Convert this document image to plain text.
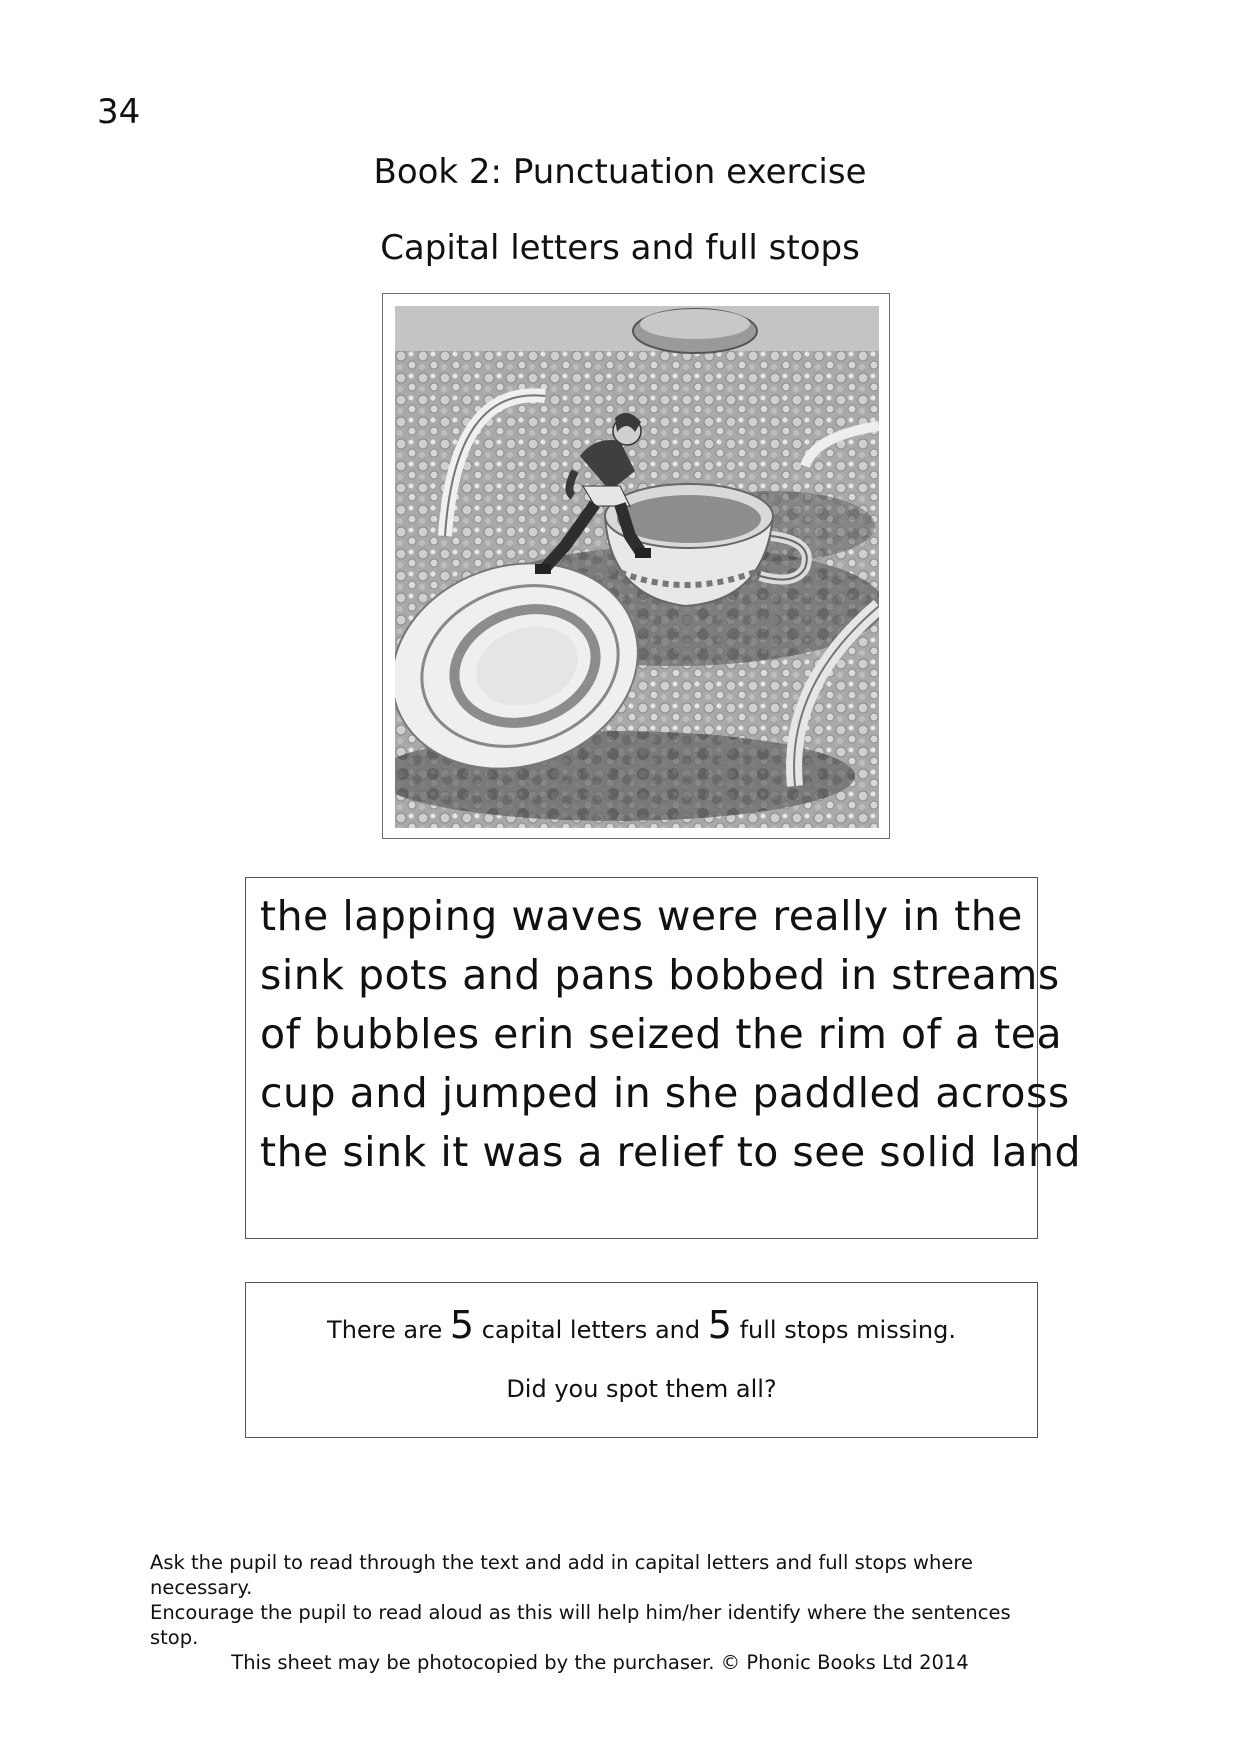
34
Book 2: Punctuation exercise
Capital letters and full stops
the lapping waves were really in the
sink pots and pans bobbed in streams
of bubbles erin seized the rim of a tea
cup and jumped in she paddled across
the sink it was a relief to see solid land
There are 5 capital letters and 5 full stops missing.
Did you spot them all?
Ask the pupil to read through the text and add in capital letters and full stops where necessary.
Encourage the pupil to read aloud as this will help him/her identify where the sentences stop.
This sheet may be photocopied by the purchaser. © Phonic Books Ltd 2014
